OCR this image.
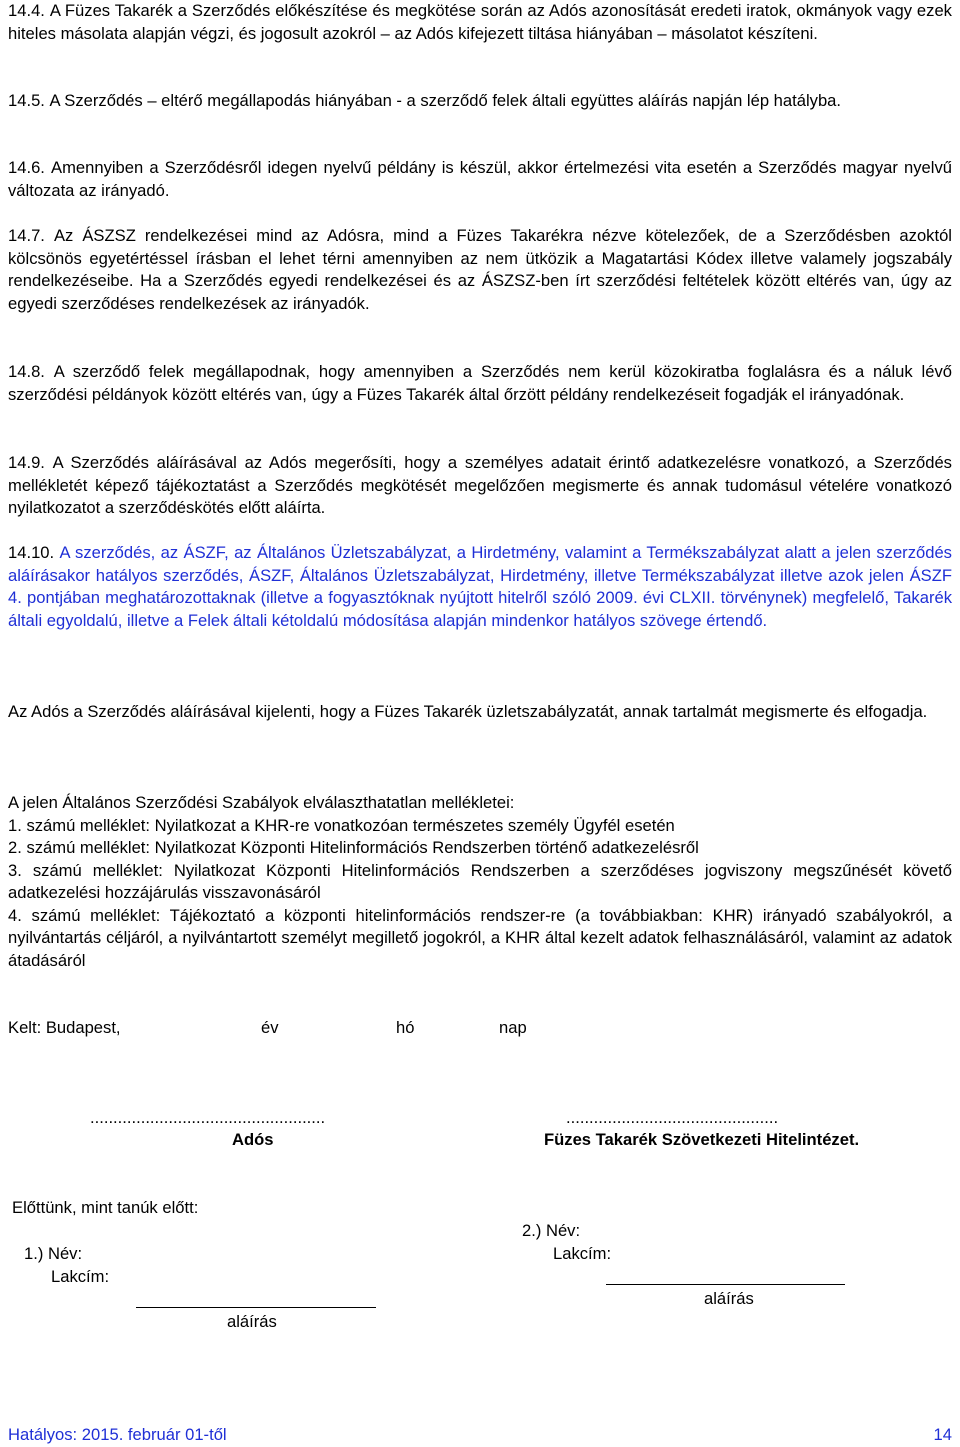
14.4. A Füzes Takarék a Szerződés előkészítése és megkötése során az Adós azonosítását eredeti iratok, okmányok vagy ezek hiteles másolata alapján végzi, és jogosult azokról – az Adós kifejezett tiltása hiányában – másolatot készíteni.
14.5. A Szerződés – eltérő megállapodás hiányában - a szerződő felek általi együttes aláírás napján lép hatályba.
14.6. Amennyiben a Szerződésről idegen nyelvű példány is készül, akkor értelmezési vita esetén a Szerződés magyar nyelvű változata az irányadó.
14.7. Az ÁSZSZ rendelkezései mind az Adósra, mind a Füzes Takarékra nézve kötelezőek, de a Szerződésben azoktól kölcsönös egyetértéssel írásban el lehet térni amennyiben az nem ütközik a Magatartási Kódex illetve valamely jogszabály rendelkezéseibe. Ha a Szerződés egyedi rendelkezései és az ÁSZSZ-ben írt szerződési feltételek között eltérés van, úgy az egyedi szerződéses rendelkezések az irányadók.
14.8. A szerződő felek megállapodnak, hogy amennyiben a Szerződés nem kerül közokiratba foglalásra és a náluk lévő szerződési példányok között eltérés van, úgy a Füzes Takarék által őrzött példány rendelkezéseit fogadják el irányadónak.
14.9. A Szerződés aláírásával az Adós megerősíti, hogy a személyes adatait érintő adatkezelésre vonatkozó, a Szerződés mellékletét képező tájékoztatást a Szerződés megkötését megelőzően megismerte és annak tudomásul vételére vonatkozó nyilatkozatot a szerződéskötés előtt aláírta.
14.10. A szerződés, az ÁSZF, az Általános Üzletszabályzat, a Hirdetmény, valamint a Termékszabályzat alatt a jelen szerződés aláírásakor hatályos szerződés, ÁSZF, Általános Üzletszabályzat, Hirdetmény, illetve Termékszabályzat illetve azok jelen ÁSZF 4. pontjában meghatározottaknak (illetve a fogyasztóknak nyújtott hitelről szóló 2009. évi CLXII. törvénynek) megfelelő, Takarék általi egyoldalú, illetve a Felek általi kétoldalú módosítása alapján mindenkor hatályos szövege értendő.
Az Adós a Szerződés aláírásával kijelenti, hogy a Füzes Takarék üzletszabályzatát, annak tartalmát megismerte és elfogadja.
A jelen Általános Szerződési Szabályok elválaszthatatlan mellékletei:
1. számú melléklet: Nyilatkozat a KHR-re vonatkozóan természetes személy Ügyfél esetén
2. számú melléklet: Nyilatkozat Központi Hitelinformációs Rendszerben történő adatkezelésről
3. számú melléklet: Nyilatkozat Központi Hitelinformációs Rendszerben a szerződéses jogviszony megszűnését követő adatkezelési hozzájárulás visszavonásáról
4. számú melléklet: Tájékoztató a központi hitelinformációs rendszer-re (a továbbiakban: KHR) irányadó szabályokról, a nyilvántartás céljáról, a nyilvántartott személyt megillető jogokról, a KHR által kezelt adatok felhasználásáról, valamint az adatok átadásáról
Kelt: Budapest,	év	hó	nap
...................................................	..............................................
Adós	Füzes Takarék Szövetkezeti Hitelintézet.
Előttünk, mint tanúk előtt:
2.) Név:
Lakcím:
aláírás
1.) Név:
Lakcím:
aláírás
Hatályos: 2015. február 01-től	14
